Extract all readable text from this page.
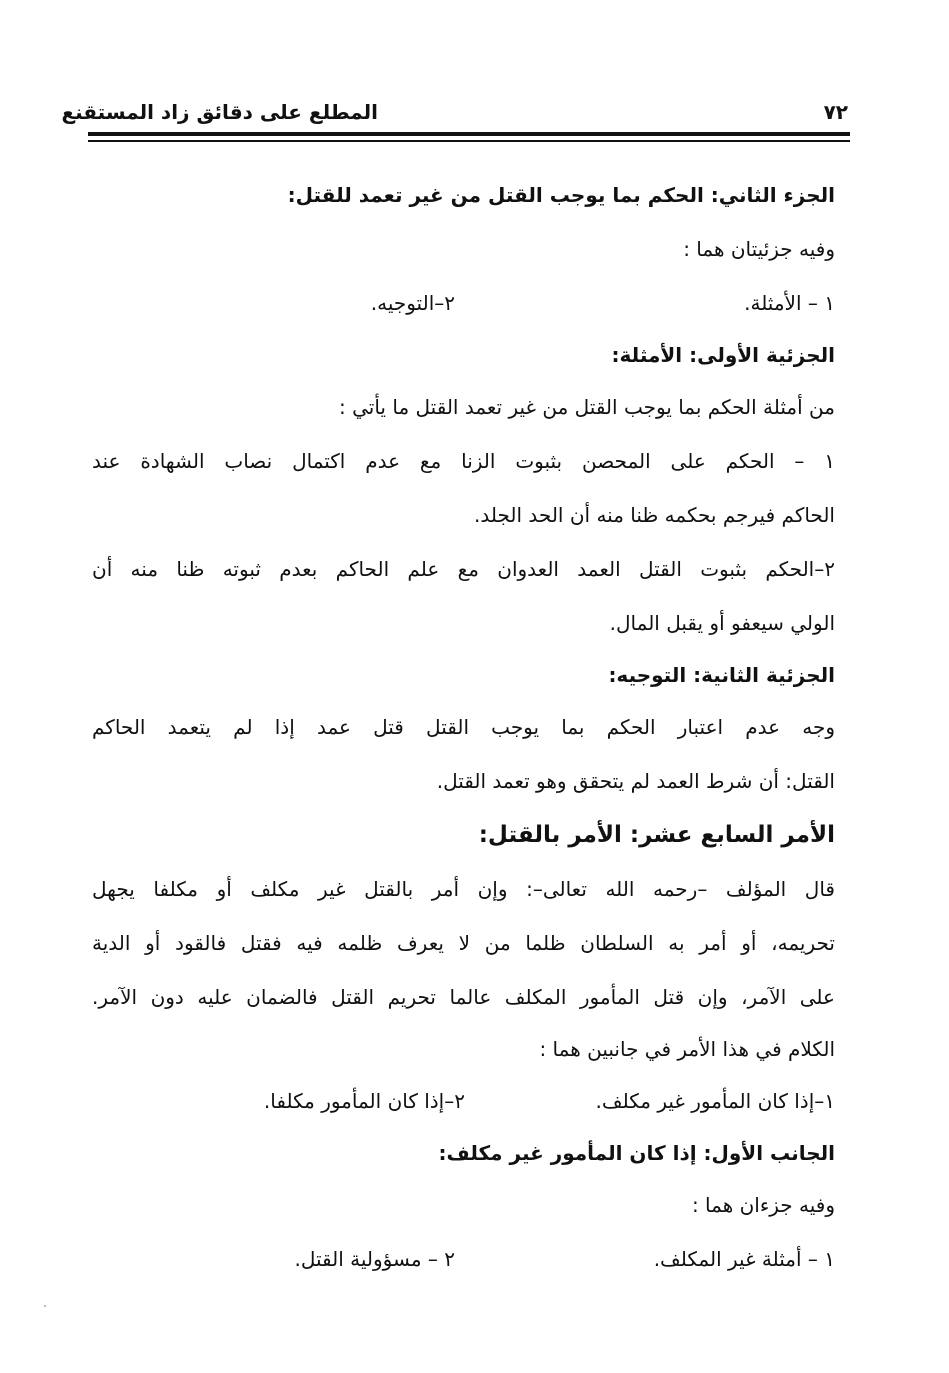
المطلع على دقائق زاد المستقنع	٧٢
الجزء الثاني: الحكم بما يوجب القتل من غير تعمد للقتل:
وفيه جزئيتان هما :
١ – الأمثلة.
٢–التوجيه.
الجزئية الأولى: الأمثلة:
من أمثلة الحكم بما يوجب القتل من غير تعمد القتل ما يأتي :
١ – الحكم على المحصن بثبوت الزنا مع عدم اكتمال نصاب الشهادة عند
الحاكم فيرجم بحكمه ظنا منه أن الحد الجلد.
٢–الحكم بثبوت القتل العمد العدوان مع علم الحاكم بعدم ثبوته ظنا منه أن
الولي سيعفو أو يقبل المال.
الجزئية الثانية: التوجيه:
وجه عدم اعتبار الحكم بما يوجب القتل قتل عمد إذا لم يتعمد الحاكم
القتل: أن شرط العمد لم يتحقق وهو تعمد القتل.
الأمر السابع عشر: الأمر بالقتل:
قال المؤلف –رحمه الله تعالى–: وإن أمر بالقتل غير مكلف أو مكلفا يجهل
تحريمه، أو أمر به السلطان ظلما من لا يعرف ظلمه فيه فقتل فالقود أو الدية
على الآمر، وإن قتل المأمور المكلف عالما تحريم القتل فالضمان عليه دون الآمر.
الكلام في هذا الأمر في جانبين هما :
١–إذا كان المأمور غير مكلف.
٢–إذا كان المأمور مكلفا.
الجانب الأول: إذا كان المأمور غير مكلف:
وفيه جزءان هما :
١ – أمثلة غير المكلف.
٢ – مسؤولية القتل.
